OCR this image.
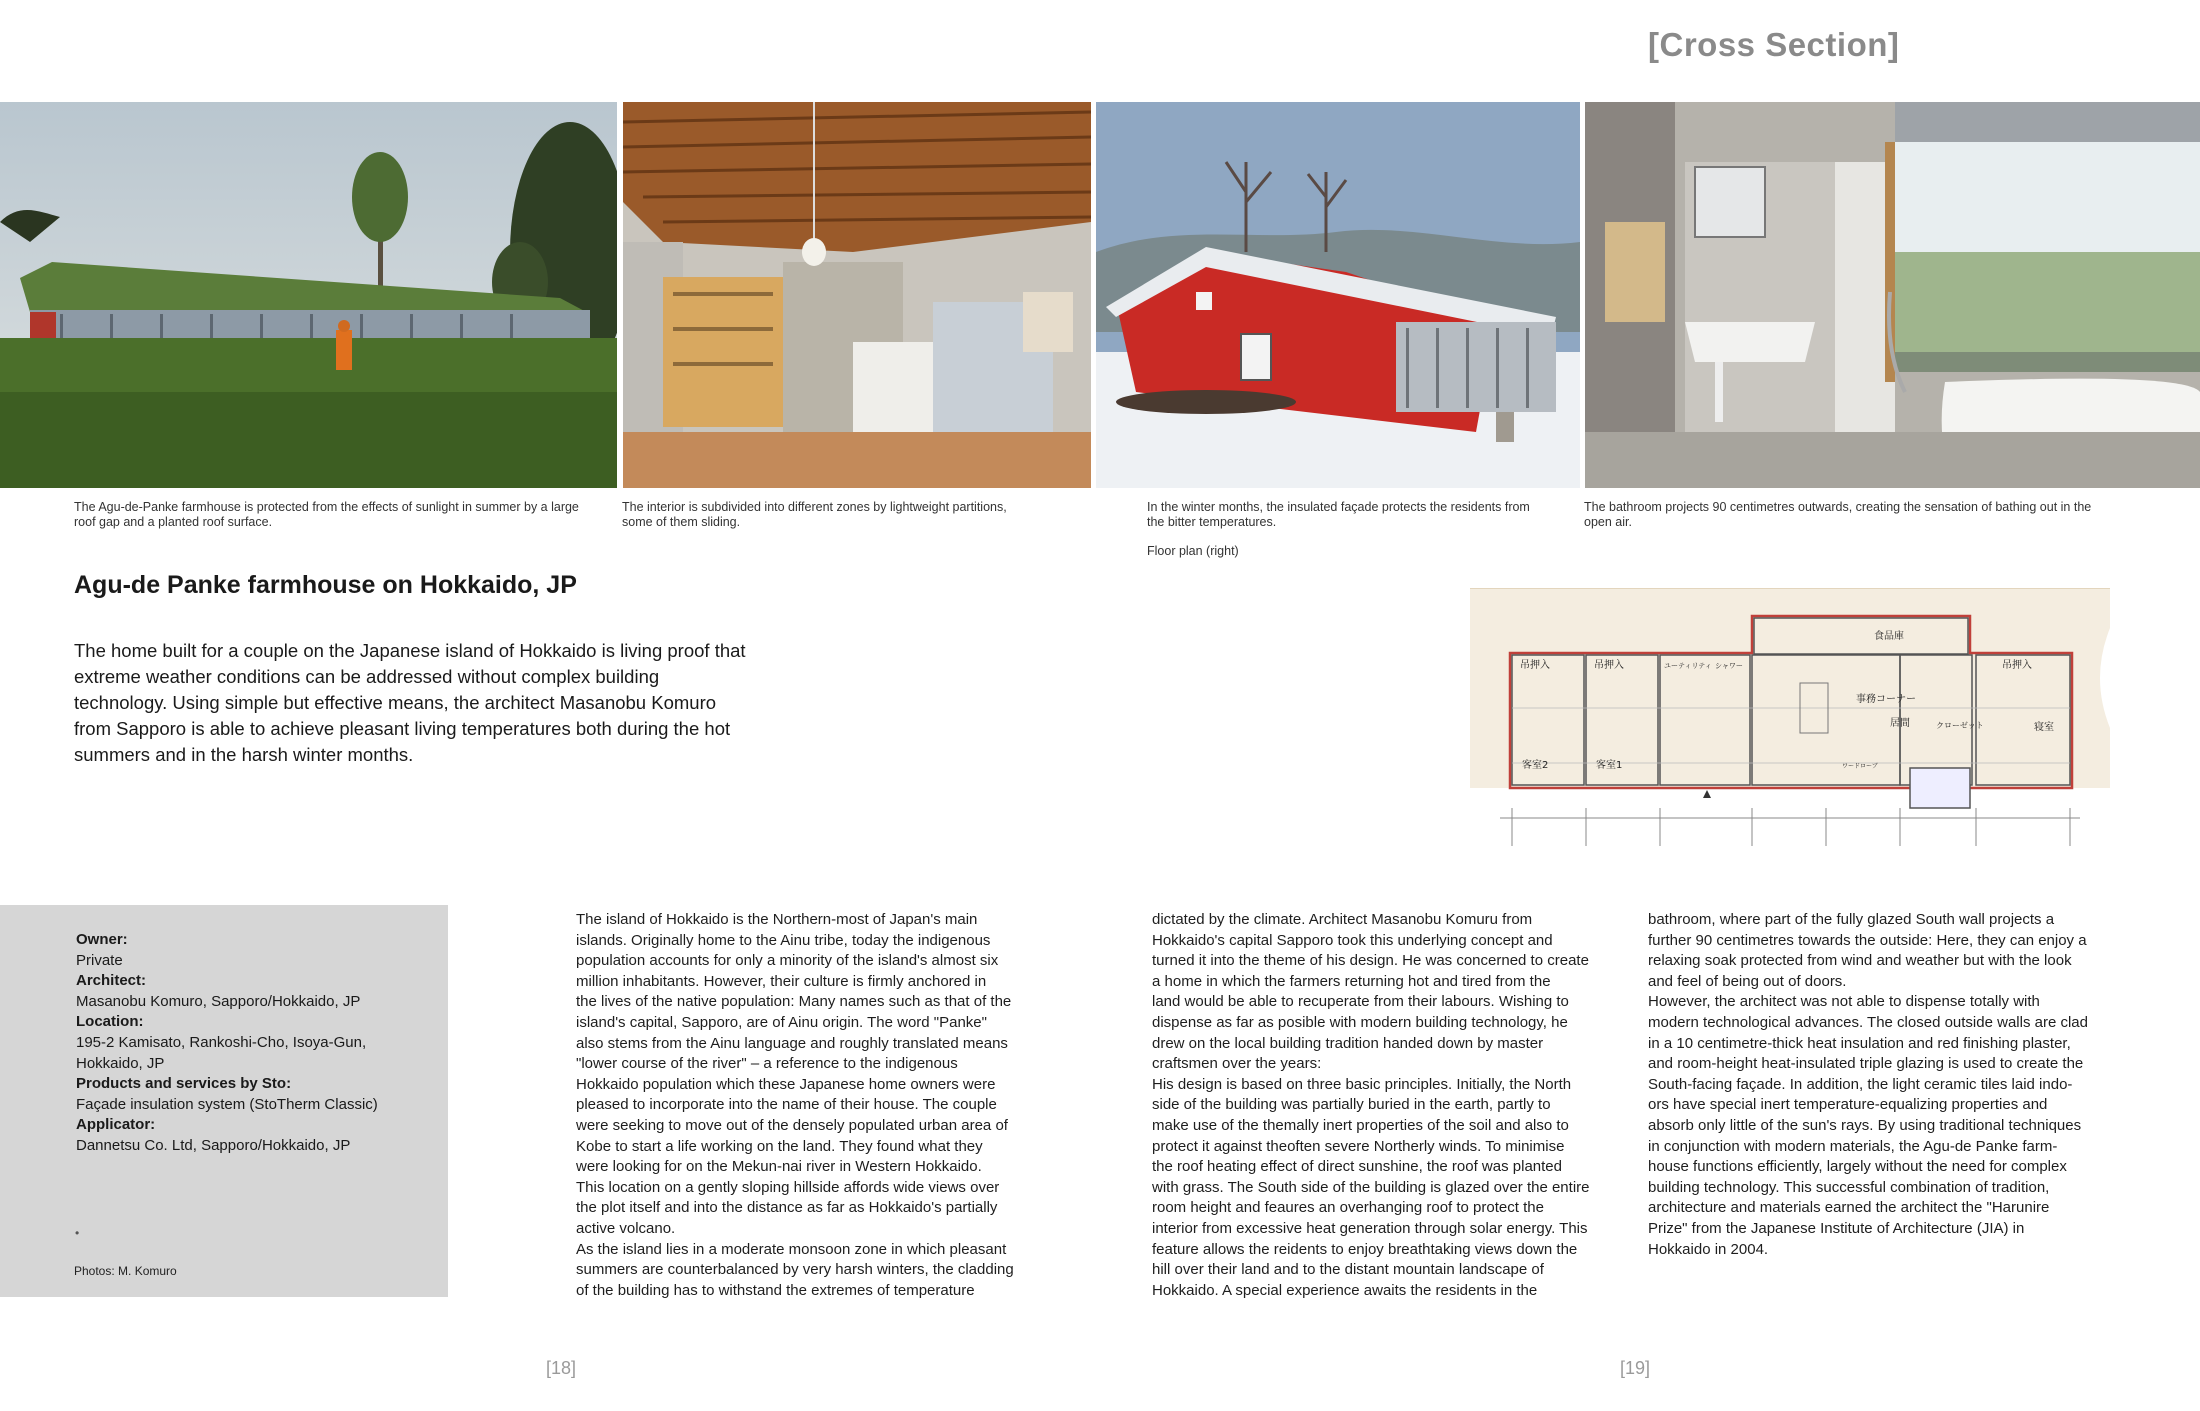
[Cross Section]
The Agu-de-Panke farmhouse is protected from the effects of sunlight in summer by a large
roof gap and a planted roof surface.
The interior is subdivided into different zones by lightweight partitions,
some of them sliding.
In the winter months, the insulated façade protects the residents from
the bitter temperatures.
The bathroom projects 90 centimetres outwards, creating the sensation of bathing out in the
open air.
Floor plan (right)
食品庫
吊押入	吊押入	ユーティリティ シャワー	吊押入
事務コーナー
居間	クローゼット	寝室
客室2	客室1	ワードローブ
Agu-de Panke farmhouse on Hokkaido, JP
The home built for a couple on the Japanese island of Hokkaido is living proof that
extreme weather conditions can be addressed without complex building
technology. Using simple but effective means, the architect Masanobu Komuro
from Sapporo is able to achieve pleasant living temperatures both during the hot
summers and in the harsh winter months.
Owner:
Private
Architect:
Masanobu Komuro, Sapporo/Hokkaido, JP
Location:
195-2 Kamisato, Rankoshi-Cho, Isoya-Gun,
Hokkaido, JP
Products and services by Sto:
Façade insulation system (StoTherm Classic)
Applicator:
Dannetsu Co. Ltd, Sapporo/Hokkaido, JP
•
Photos: M. Komuro
The island of Hokkaido is the Northern-most of Japan's main
islands. Originally home to the Ainu tribe, today the indigenous
population accounts for only a minority of the island's almost six
million inhabitants. However, their culture is firmly anchored in
the lives of the native population: Many names such as that of the
island's capital, Sapporo, are of Ainu origin. The word "Panke"
also stems from the Ainu language and roughly translated means
"lower course of the river" – a reference to the indigenous
Hokkaido population which these Japanese home owners were
pleased to incorporate into the name of their house. The couple
were seeking to move out of the densely populated urban area of
Kobe to start a life working on the land. They found what they
were looking for on the Mekun-nai river in Western Hokkaido.
This location on a gently sloping hillside affords wide views over
the plot itself and into the distance as far as Hokkaido's partially
active volcano.
As the island lies in a moderate monsoon zone in which pleasant
summers are counterbalanced by very harsh winters, the cladding
of the building has to withstand the extremes of temperature
dictated by the climate. Architect Masanobu Komuru from
Hokkaido's capital Sapporo took this underlying concept and
turned it into the theme of his design. He was concerned to create
a home in which the farmers returning hot and tired from the
land would be able to recuperate from their labours. Wishing to
dispense as far as posible with modern building technology, he
drew on the local building tradition handed down by master
craftsmen over the years:
His design is based on three basic principles. Initially, the North
side of the building was partially buried in the earth, partly to
make use of the themally inert properties of the soil and also to
protect it against theoften severe Northerly winds. To minimise
the roof heating effect of direct sunshine, the roof was planted
with grass. The South side of the building is glazed over the entire
room height and feaures an overhanging roof to protect the
interior from excessive heat generation through solar energy. This
feature allows the reidents to enjoy breathtaking views down the
hill over their land and to the distant mountain landscape of
Hokkaido. A special experience awaits the residents in the
bathroom, where part of the fully glazed South wall projects a
further 90 centimetres towards the outside: Here, they can enjoy a
relaxing soak protected from wind and weather but with the look
and feel of being out of doors.
However, the architect was not able to dispense totally with
modern technological advances. The closed outside walls are clad
in a 10 centimetre-thick heat insulation and red finishing plaster,
and room-height heat-insulated triple glazing is used to create the
South-facing façade. In addition, the light ceramic tiles laid indo-
ors have special inert temperature-equalizing properties and
absorb only little of the sun's rays. By using traditional techniques
in conjunction with modern materials, the Agu-de Panke farm-
house functions efficiently, largely without the need for complex
building technology. This successful combination of tradition,
architecture and materials earned the architect the "Harunire
Prize" from the Japanese Institute of Architecture (JIA) in
Hokkaido in 2004.
[18]	[19]
